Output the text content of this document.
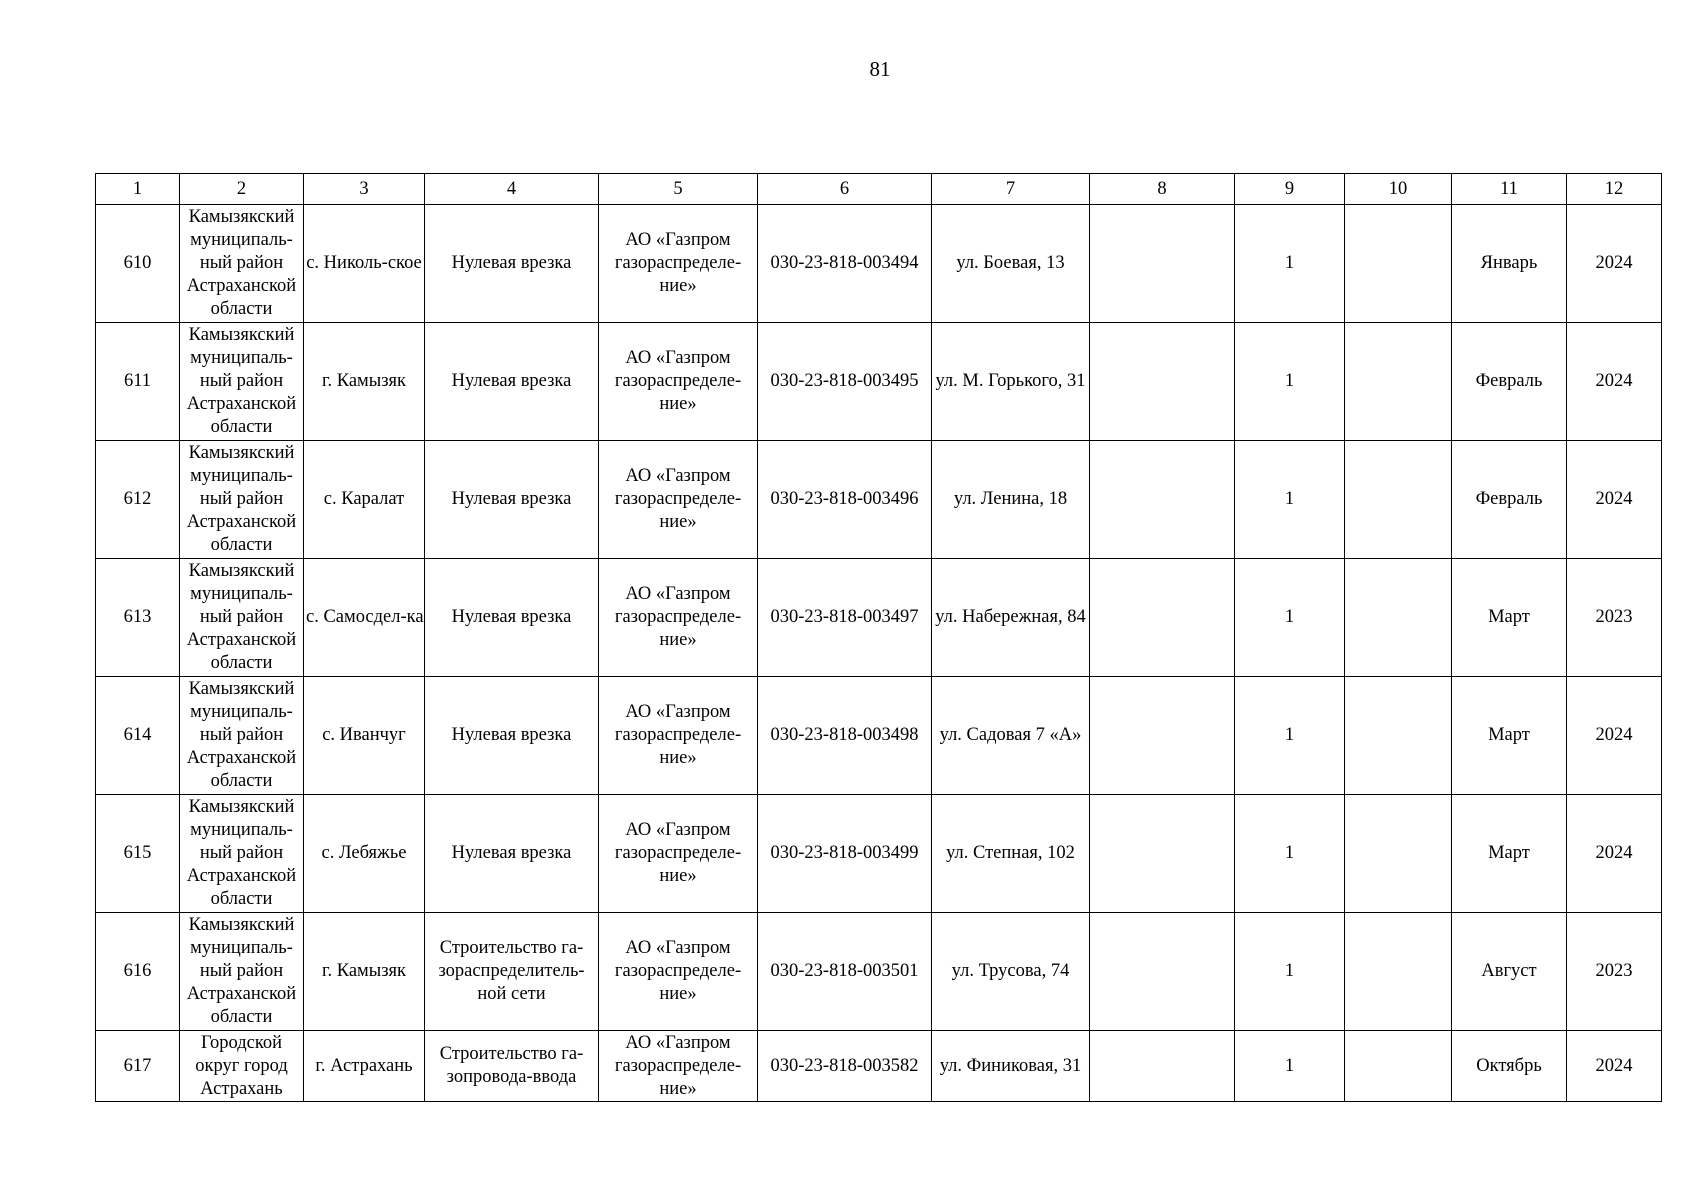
81
1	2	3	4	5	6	7	8	9	10	11	12
610	Камызякский муниципаль-ный район Астраханской области	с. Николь-ское	Нулевая врезка	АО «Газпром газораспределе-ние»	030-23-818-003494	ул. Боевая, 13		1		Январь	2024
611	Камызякский муниципаль-ный район Астраханской области	г. Камызяк	Нулевая врезка	АО «Газпром газораспределе-ние»	030-23-818-003495	ул. М. Горького, 31		1		Февраль	2024
612	Камызякский муниципаль-ный район Астраханской области	с. Каралат	Нулевая врезка	АО «Газпром газораспределе-ние»	030-23-818-003496	ул. Ленина, 18		1		Февраль	2024
613	Камызякский муниципаль-ный район Астраханской области	с. Самосдел-ка	Нулевая врезка	АО «Газпром газораспределе-ние»	030-23-818-003497	ул. Набережная, 84		1		Март	2023
614	Камызякский муниципаль-ный район Астраханской области	с. Иванчуг	Нулевая врезка	АО «Газпром газораспределе-ние»	030-23-818-003498	ул. Садовая 7 «А»		1		Март	2024
615	Камызякский муниципаль-ный район Астраханской области	с. Лебяжье	Нулевая врезка	АО «Газпром газораспределе-ние»	030-23-818-003499	ул. Степная, 102		1		Март	2024
616	Камызякский муниципаль-ный район Астраханской области	г. Камызяк	Строительство га-зораспределитель-ной сети	АО «Газпром газораспределе-ние»	030-23-818-003501	ул. Трусова, 74		1		Август	2023
617	Городской округ город Астрахань	г. Астрахань	Строительство га-зопровода-ввода	АО «Газпром газораспределе-ние»	030-23-818-003582	ул. Финиковая, 31		1		Октябрь	2024
